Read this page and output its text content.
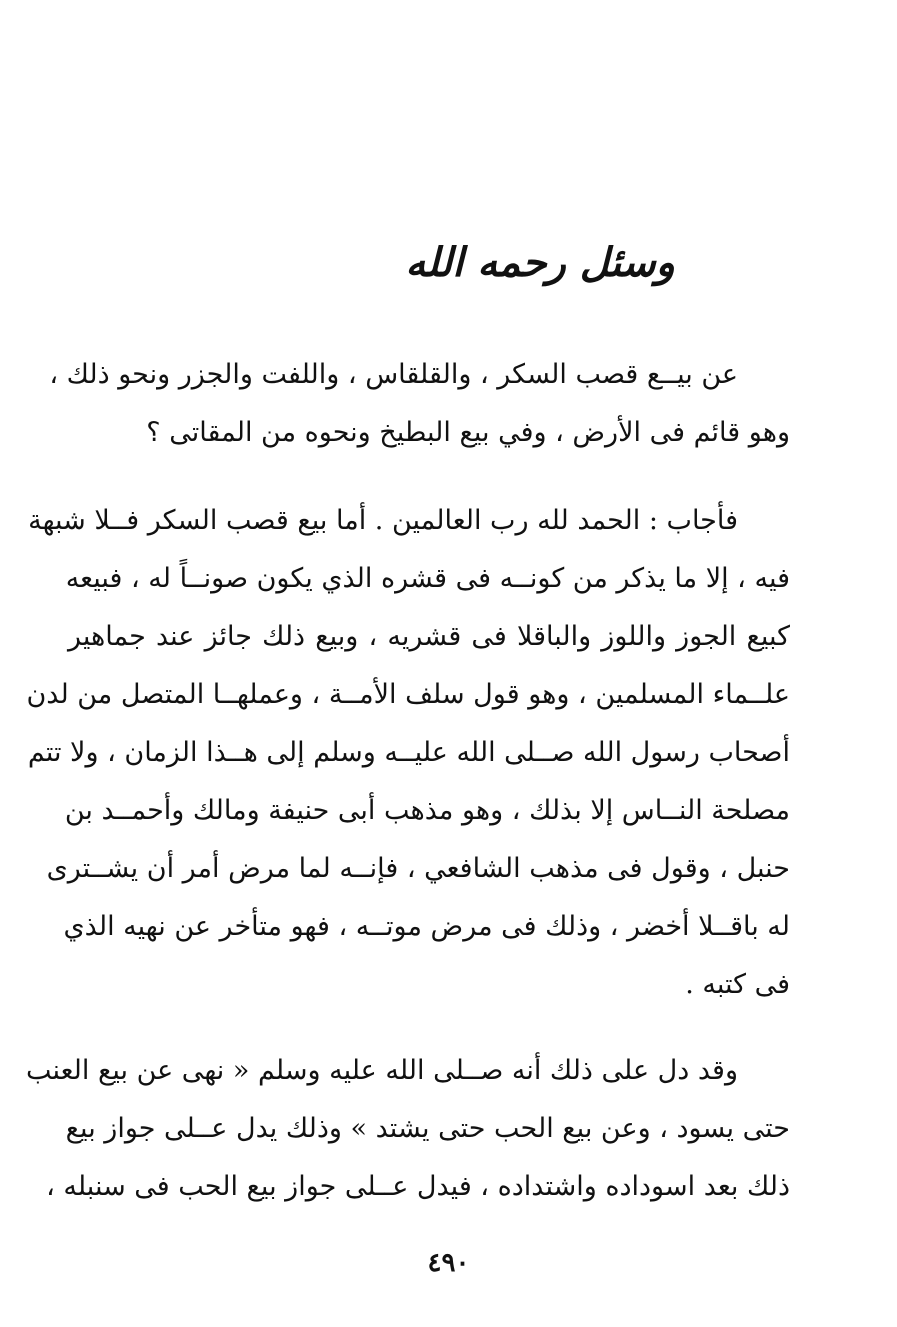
وسئل رحمه الله

عن بيــع قصب السكر ، والقلقاس ، واللفت والجزر ونحو ذلك ،
وهو قائم فى الأرض ، وفي بيع البطيخ ونحوه من المقاتى ؟

فأجاب : الحمد لله رب العالمين . أما بيع قصب السكر فــلا شبهة
فيه ، إلا ما يذكر من كونــه فى قشره الذي يكون صونــاً له ، فبيعه
كبيع الجوز واللوز والباقلا فى قشريه ، وبيع ذلك جائز عند جماهير
علــماء المسلمين ، وهو قول سلف الأمــة ، وعملهــا المتصل من لدن
أصحاب رسول الله صــلى الله عليــه وسلم إلى هــذا الزمان ، ولا تتم
مصلحة النــاس إلا بذلك ، وهو مذهب أبى حنيفة ومالك وأحمــد بن
حنبل ، وقول فى مذهب الشافعي ، فإنــه لما مرض أمر أن يشــترى
له باقــلا أخضر ، وذلك فى مرض موتــه ، فهو متأخر عن نهيه الذي
فى كتبه .

وقد دل على ذلك أنه صــلى الله عليه وسلم « نهى عن بيع العنب
حتى يسود ، وعن بيع الحب حتى يشتد » وذلك يدل عــلى جواز بيع
ذلك بعد اسوداده واشتداده ، فيدل عــلى جواز بيع الحب فى سنبله ،

٤٩٠
